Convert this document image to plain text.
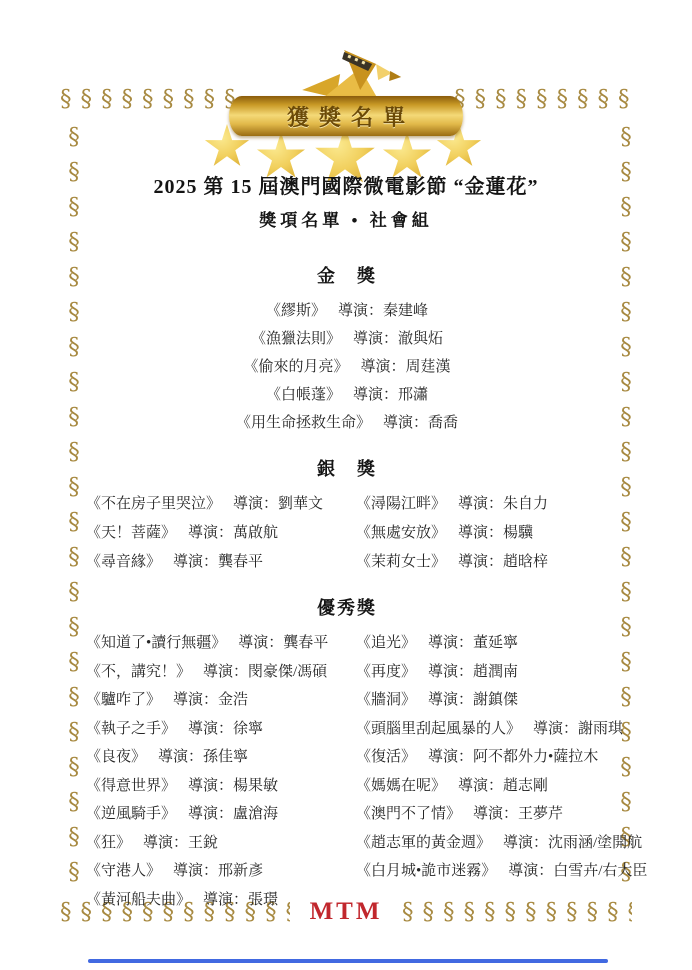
§§§§§§§§§§§§§§§§§§§§§§§§
§§§§§§§§§§§§§§§§§§§§§§§§
§§§§§§§§§§§§§§§§§§§§§§§§§§§§
§§§§§§§§§§§§§§§§§§§§§§§§§§§§
§§§§§§§§§§§§§§§§§§§§§§§§
§§§§§§§§§§§§§§§§§§§§§§§§
獲獎名單
2025 第 15 屆澳門國際微電影節 “金蓮花”
獎項名單 • 社會組
金　獎
《繆斯》 導演：秦建峰
《漁獵法則》 導演：澈與炻
《偷來的月亮》 導演：周莛漢
《白帳蓬》 導演：邢瀟
《用生命拯救生命》 導演：喬喬
銀　獎
《不在房子里哭泣》 導演：劉華文
《天！菩薩》 導演：萬啟航
《尋音緣》 導演：龔春平
《潯陽江畔》 導演：朱自力
《無處安放》 導演：楊驥
《茉莉女士》 導演：趙晗梓
優秀獎
《知道了•讀行無疆》 導演：龔春平
《不，講究！》 導演：閔豪傑/馮碩
《驢咋了》 導演：金浩
《執子之手》 導演：徐寧
《良夜》 導演：孫佳寧
《得意世界》 導演：楊果敏
《逆風騎手》 導演：盧滄海
《狂》 導演：王銳
《守港人》 導演：邢新彥
《黃河船夫曲》 導演：張璟
《追光》 導演：董延寧
《再度》 導演：趙潤南
《牆洞》 導演：謝鎮傑
《頭腦里刮起風暴的人》 導演：謝雨琪
《復活》 導演：阿不都外力•薩拉木
《媽媽在呢》 導演：趙志剛
《澳門不了情》 導演：王夢芹
《趙志軍的黃金週》 導演：沈雨涵/塗開航
《白月城•詭市迷霧》 導演：白雪卉/右大臣
MTM
